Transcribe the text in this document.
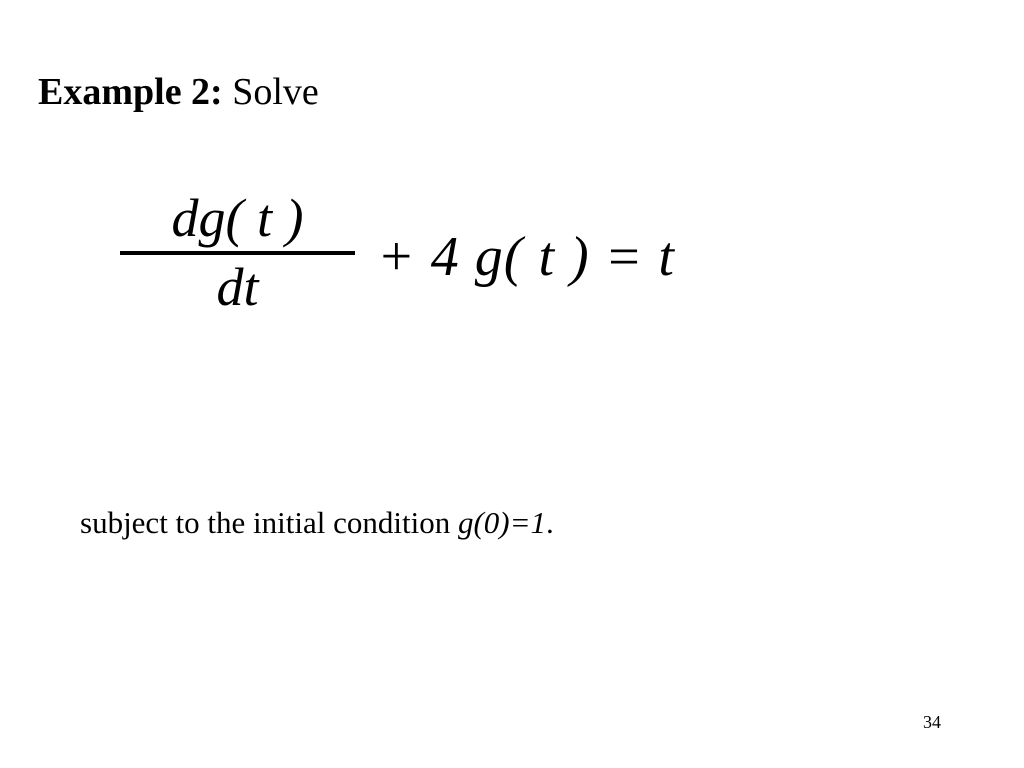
Example 2: Solve
$\frac{dg( t )}{dt} + 4$ g( t ) = t
subject to the initial condition g(0)=1.
34
